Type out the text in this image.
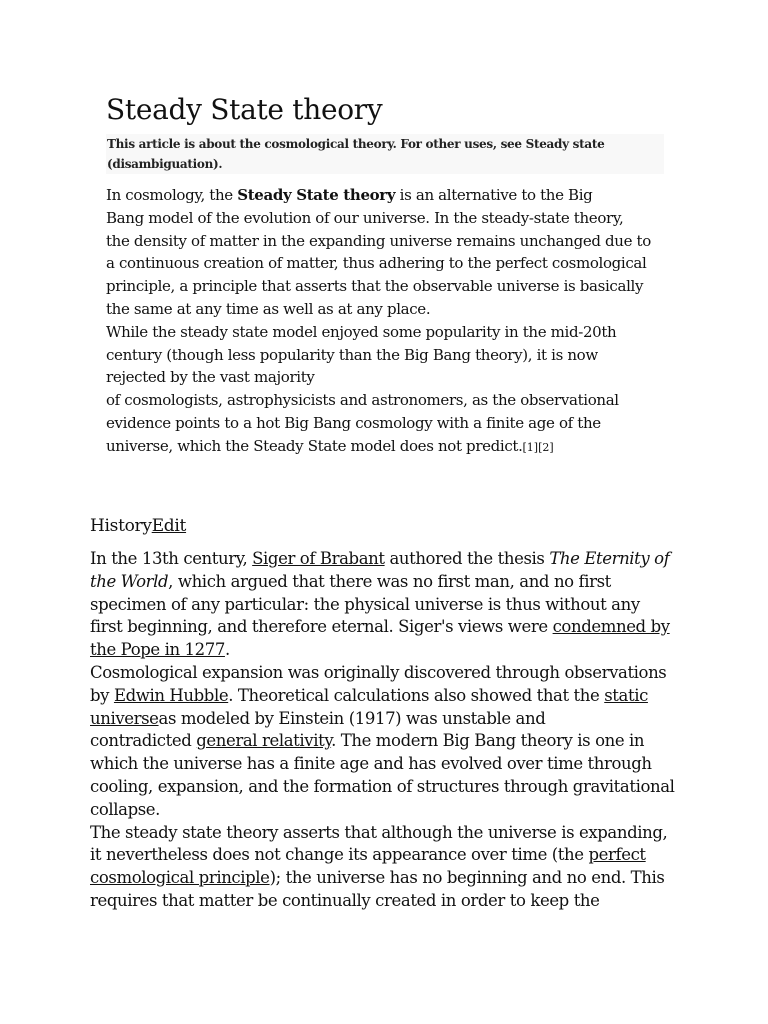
Steady State theory
This article is about the cosmological theory. For other uses, see Steady state
(disambiguation).
In cosmology, the Steady State theory is an alternative to the Big
Bang model of the evolution of our universe. In the steady-state theory,
the density of matter in the expanding universe remains unchanged due to
a continuous creation of matter, thus adhering to the perfect cosmological
principle, a principle that asserts that the observable universe is basically
the same at any time as well as at any place.
While the steady state model enjoyed some popularity in the mid-20th
century (though less popularity than the Big Bang theory), it is now
rejected by the vast majority
of cosmologists, astrophysicists and astronomers, as the observational
evidence points to a hot Big Bang cosmology with a finite age of the
universe, which the Steady State model does not predict.[1][2]
HistoryEdit
In the 13th century, Siger of Brabant authored the thesis The Eternity of
the World, which argued that there was no first man, and no first
specimen of any particular: the physical universe is thus without any
first beginning, and therefore eternal. Siger's views were condemned by
the Pope in 1277.
Cosmological expansion was originally discovered through observations
by Edwin Hubble. Theoretical calculations also showed that the static
universeas modeled by Einstein (1917) was unstable and
contradicted general relativity. The modern Big Bang theory is one in
which the universe has a finite age and has evolved over time through
cooling, expansion, and the formation of structures through gravitational
collapse.
The steady state theory asserts that although the universe is expanding,
it nevertheless does not change its appearance over time (the perfect
cosmological principle); the universe has no beginning and no end. This
requires that matter be continually created in order to keep the
